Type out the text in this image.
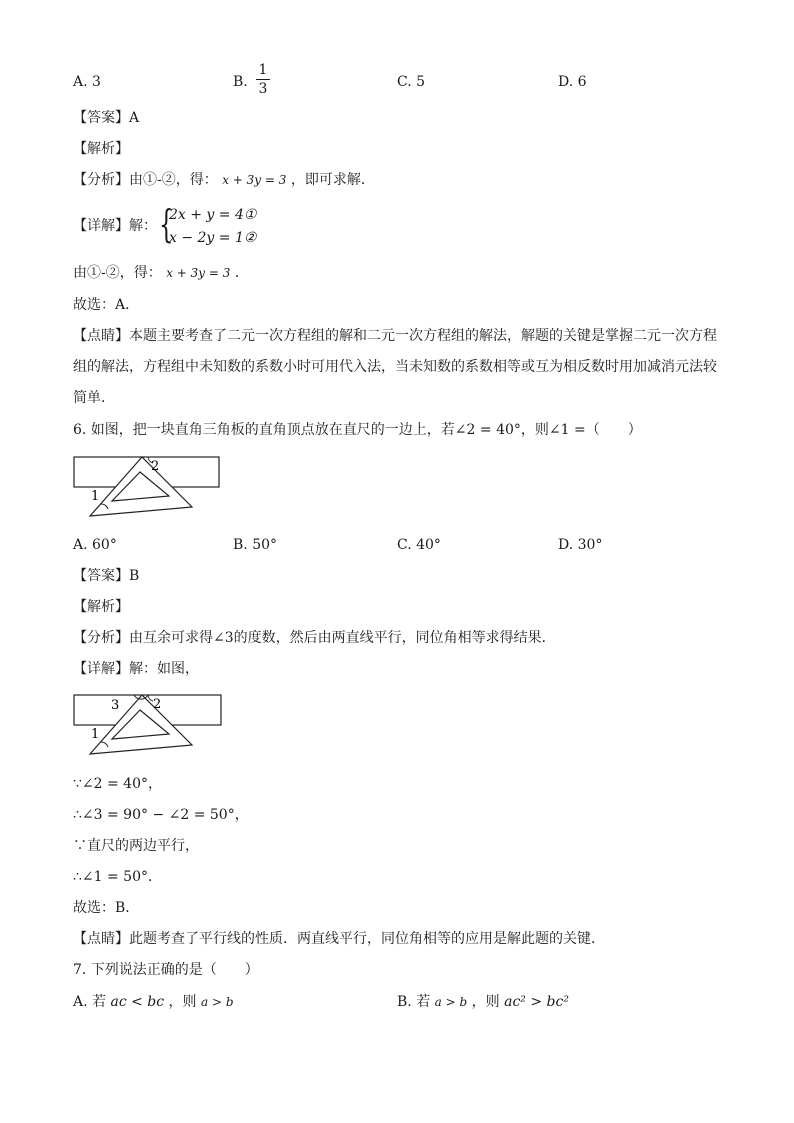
A. 3	B.
1
3	C. 5	D. 6
【答案】A
【解析】
【分析】由①-②，得： x + 3y = 3 ，即可求解．
【详解】解： {
2x + y = 4①
x − 2y = 1②
由①-②，得： x + 3y = 3 ．
故选：A．
【点睛】本题主要考查了二元一次方程组的解和二元一次方程组的解法，解题的关键是掌握二元一次方程
组的解法，方程组中未知数的系数小时可用代入法，当未知数的系数相等或互为相反数时用加减消元法较
简单．
6. 如图，把一块直角三角板的直角顶点放在直尺的一边上，若∠2 = 40°，则∠1 =（　　）
2
1
A. 60°	B. 50°	C. 40°	D. 30°
【答案】B
【解析】
【分析】由互余可求得∠3的度数，然后由两直线平行，同位角相等求得结果．
【详解】解：如图，
2
3
1
∵∠2 = 40°，
∴∠3 = 90° − ∠2 = 50°，
∵直尺的两边平行，
∴∠1 = 50°．
故选：B．
【点睛】此题考查了平行线的性质．两直线平行，同位角相等的应用是解此题的关键．
7. 下列说法正确的是（　　）
A. 若 ac < bc ，则 a > b	B. 若 a > b ，则 ac² > bc²
